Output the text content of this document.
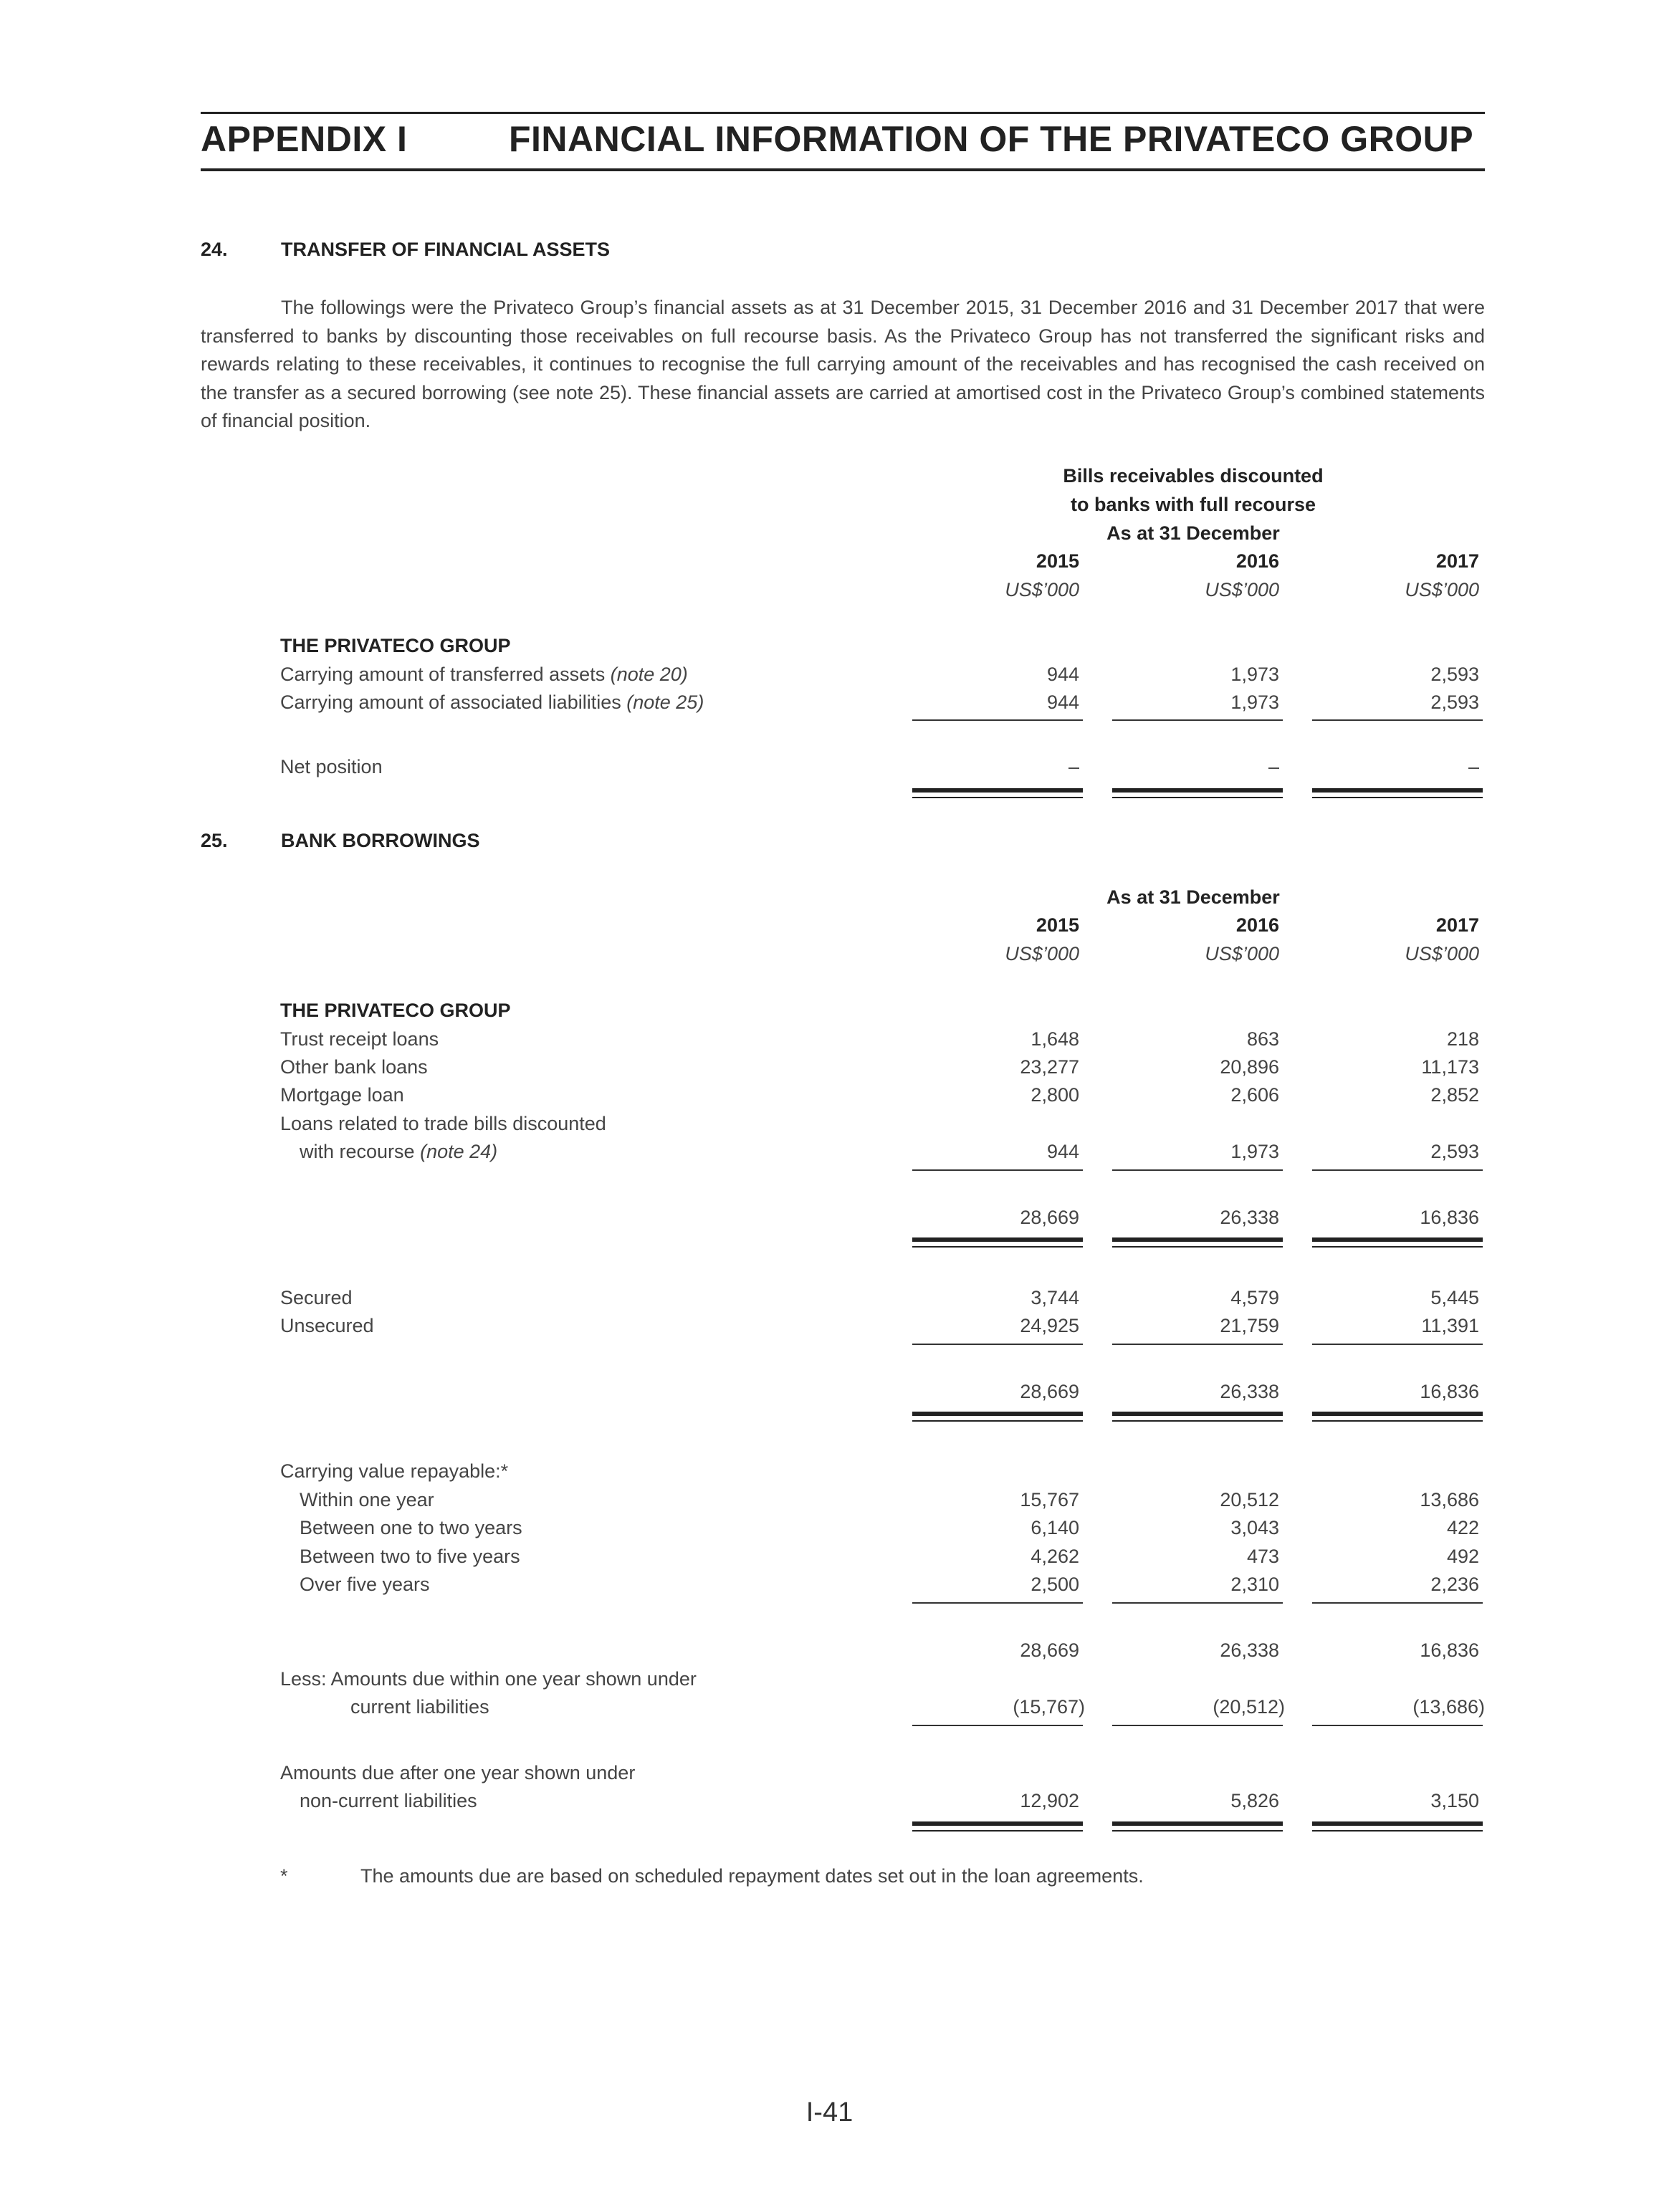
APPENDIX I	FINANCIAL INFORMATION OF THE PRIVATECO GROUP
24.	TRANSFER OF FINANCIAL ASSETS
The followings were the Privateco Group’s financial assets as at 31 December 2015, 31 December 2016 and 31 December 2017 that were transferred to banks by discounting those receivables on full recourse basis. As the Privateco Group has not transferred the significant risks and rewards relating to these receivables, it continues to recognise the full carrying amount of the receivables and has recognised the cash received on the transfer as a secured borrowing (see note 25). These financial assets are carried at amortised cost in the Privateco Group’s combined statements of financial position.
Bills receivables discounted
to banks with full recourse
As at 31 December
2015	2016	2017
US$’000	US$’000	US$’000
THE PRIVATECO GROUP
Carrying amount of transferred assets (note 20)	944	1,973	2,593
Carrying amount of associated liabilities (note 25)	944	1,973	2,593
Net position	–	–	–
25.	BANK BORROWINGS
As at 31 December
2015	2016	2017
US$’000	US$’000	US$’000
THE PRIVATECO GROUP
Trust receipt loans	1,648	863	218
Other bank loans	23,277	20,896	11,173
Mortgage loan	2,800	2,606	2,852
Loans related to trade bills discounted
with recourse (note 24)	944	1,973	2,593
28,669	26,338	16,836
Secured	3,744	4,579	5,445
Unsecured	24,925	21,759	11,391
28,669	26,338	16,836
Carrying value repayable:*
Within one year	15,767	20,512	13,686
Between one to two years	6,140	3,043	422
Between two to five years	4,262	473	492
Over five years	2,500	2,310	2,236
28,669	26,338	16,836
Less: Amounts due within one year shown under
current liabilities	(15,767)	(20,512)	(13,686)
Amounts due after one year shown under
non-current liabilities	12,902	5,826	3,150
*	The amounts due are based on scheduled repayment dates set out in the loan agreements.
I-41
